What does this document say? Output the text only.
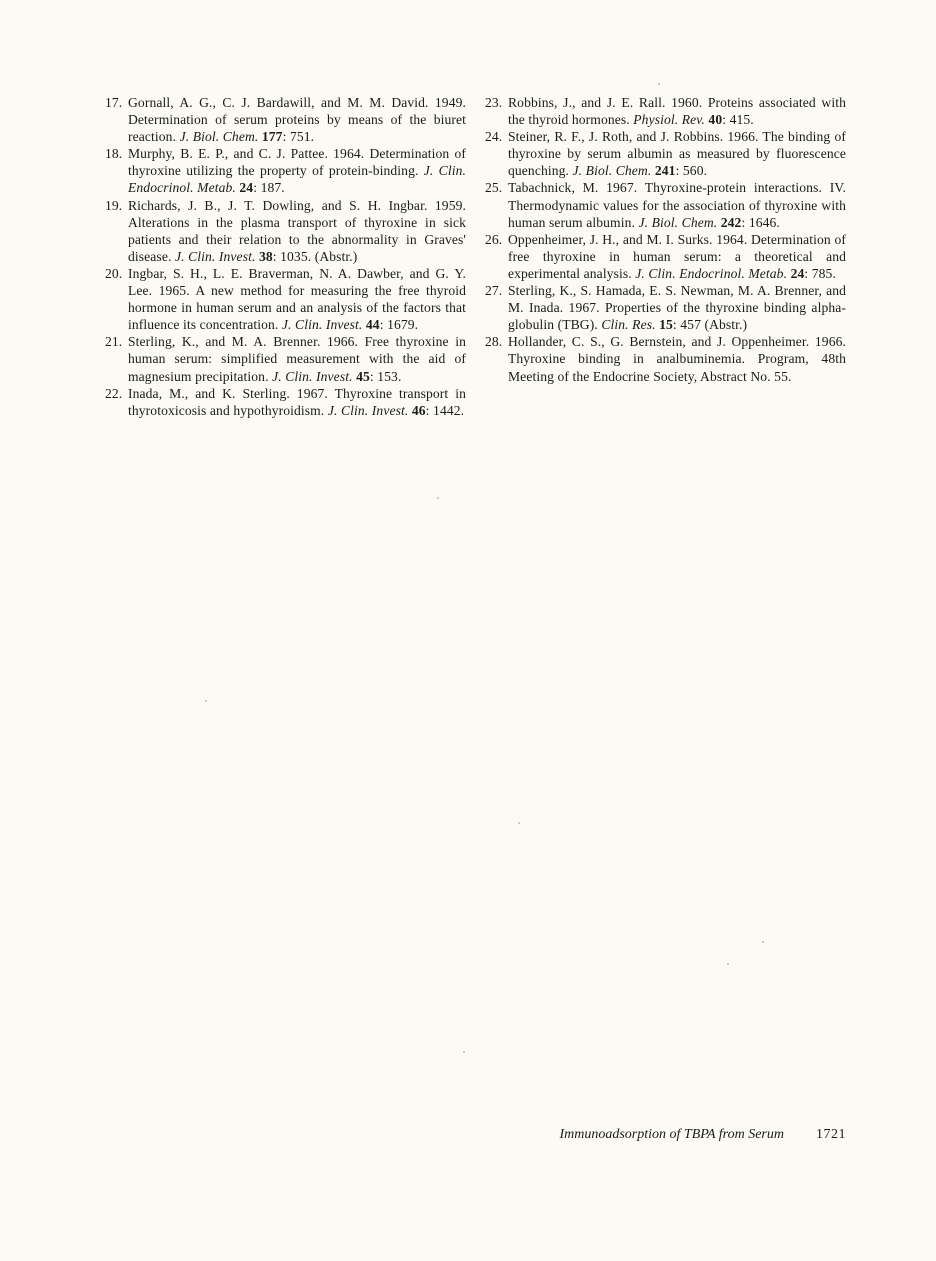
17. Gornall, A. G., C. J. Bardawill, and M. M. David. 1949. Determination of serum proteins by means of the biuret reaction. J. Biol. Chem. 177: 751.
18. Murphy, B. E. P., and C. J. Pattee. 1964. Determination of thyroxine utilizing the property of protein-binding. J. Clin. Endocrinol. Metab. 24: 187.
19. Richards, J. B., J. T. Dowling, and S. H. Ingbar. 1959. Alterations in the plasma transport of thyroxine in sick patients and their relation to the abnormality in Graves' disease. J. Clin. Invest. 38: 1035. (Abstr.)
20. Ingbar, S. H., L. E. Braverman, N. A. Dawber, and G. Y. Lee. 1965. A new method for measuring the free thyroid hormone in human serum and an analysis of the factors that influence its concentration. J. Clin. Invest. 44: 1679.
21. Sterling, K., and M. A. Brenner. 1966. Free thyroxine in human serum: simplified measurement with the aid of magnesium precipitation. J. Clin. Invest. 45: 153.
22. Inada, M., and K. Sterling. 1967. Thyroxine transport in thyrotoxicosis and hypothyroidism. J. Clin. Invest. 46: 1442.
23. Robbins, J., and J. E. Rall. 1960. Proteins associated with the thyroid hormones. Physiol. Rev. 40: 415.
24. Steiner, R. F., J. Roth, and J. Robbins. 1966. The binding of thyroxine by serum albumin as measured by fluorescence quenching. J. Biol. Chem. 241: 560.
25. Tabachnick, M. 1967. Thyroxine-protein interactions. IV. Thermodynamic values for the association of thyroxine with human serum albumin. J. Biol. Chem. 242: 1646.
26. Oppenheimer, J. H., and M. I. Surks. 1964. Determination of free thyroxine in human serum: a theoretical and experimental analysis. J. Clin. Endocrinol. Metab. 24: 785.
27. Sterling, K., S. Hamada, E. S. Newman, M. A. Brenner, and M. Inada. 1967. Properties of the thyroxine binding alpha-globulin (TBG). Clin. Res. 15: 457 (Abstr.)
28. Hollander, C. S., G. Bernstein, and J. Oppenheimer. 1966. Thyroxine binding in analbuminemia. Program, 48th Meeting of the Endocrine Society, Abstract No. 55.
Immunoadsorption of TBPA from Serum 1721
